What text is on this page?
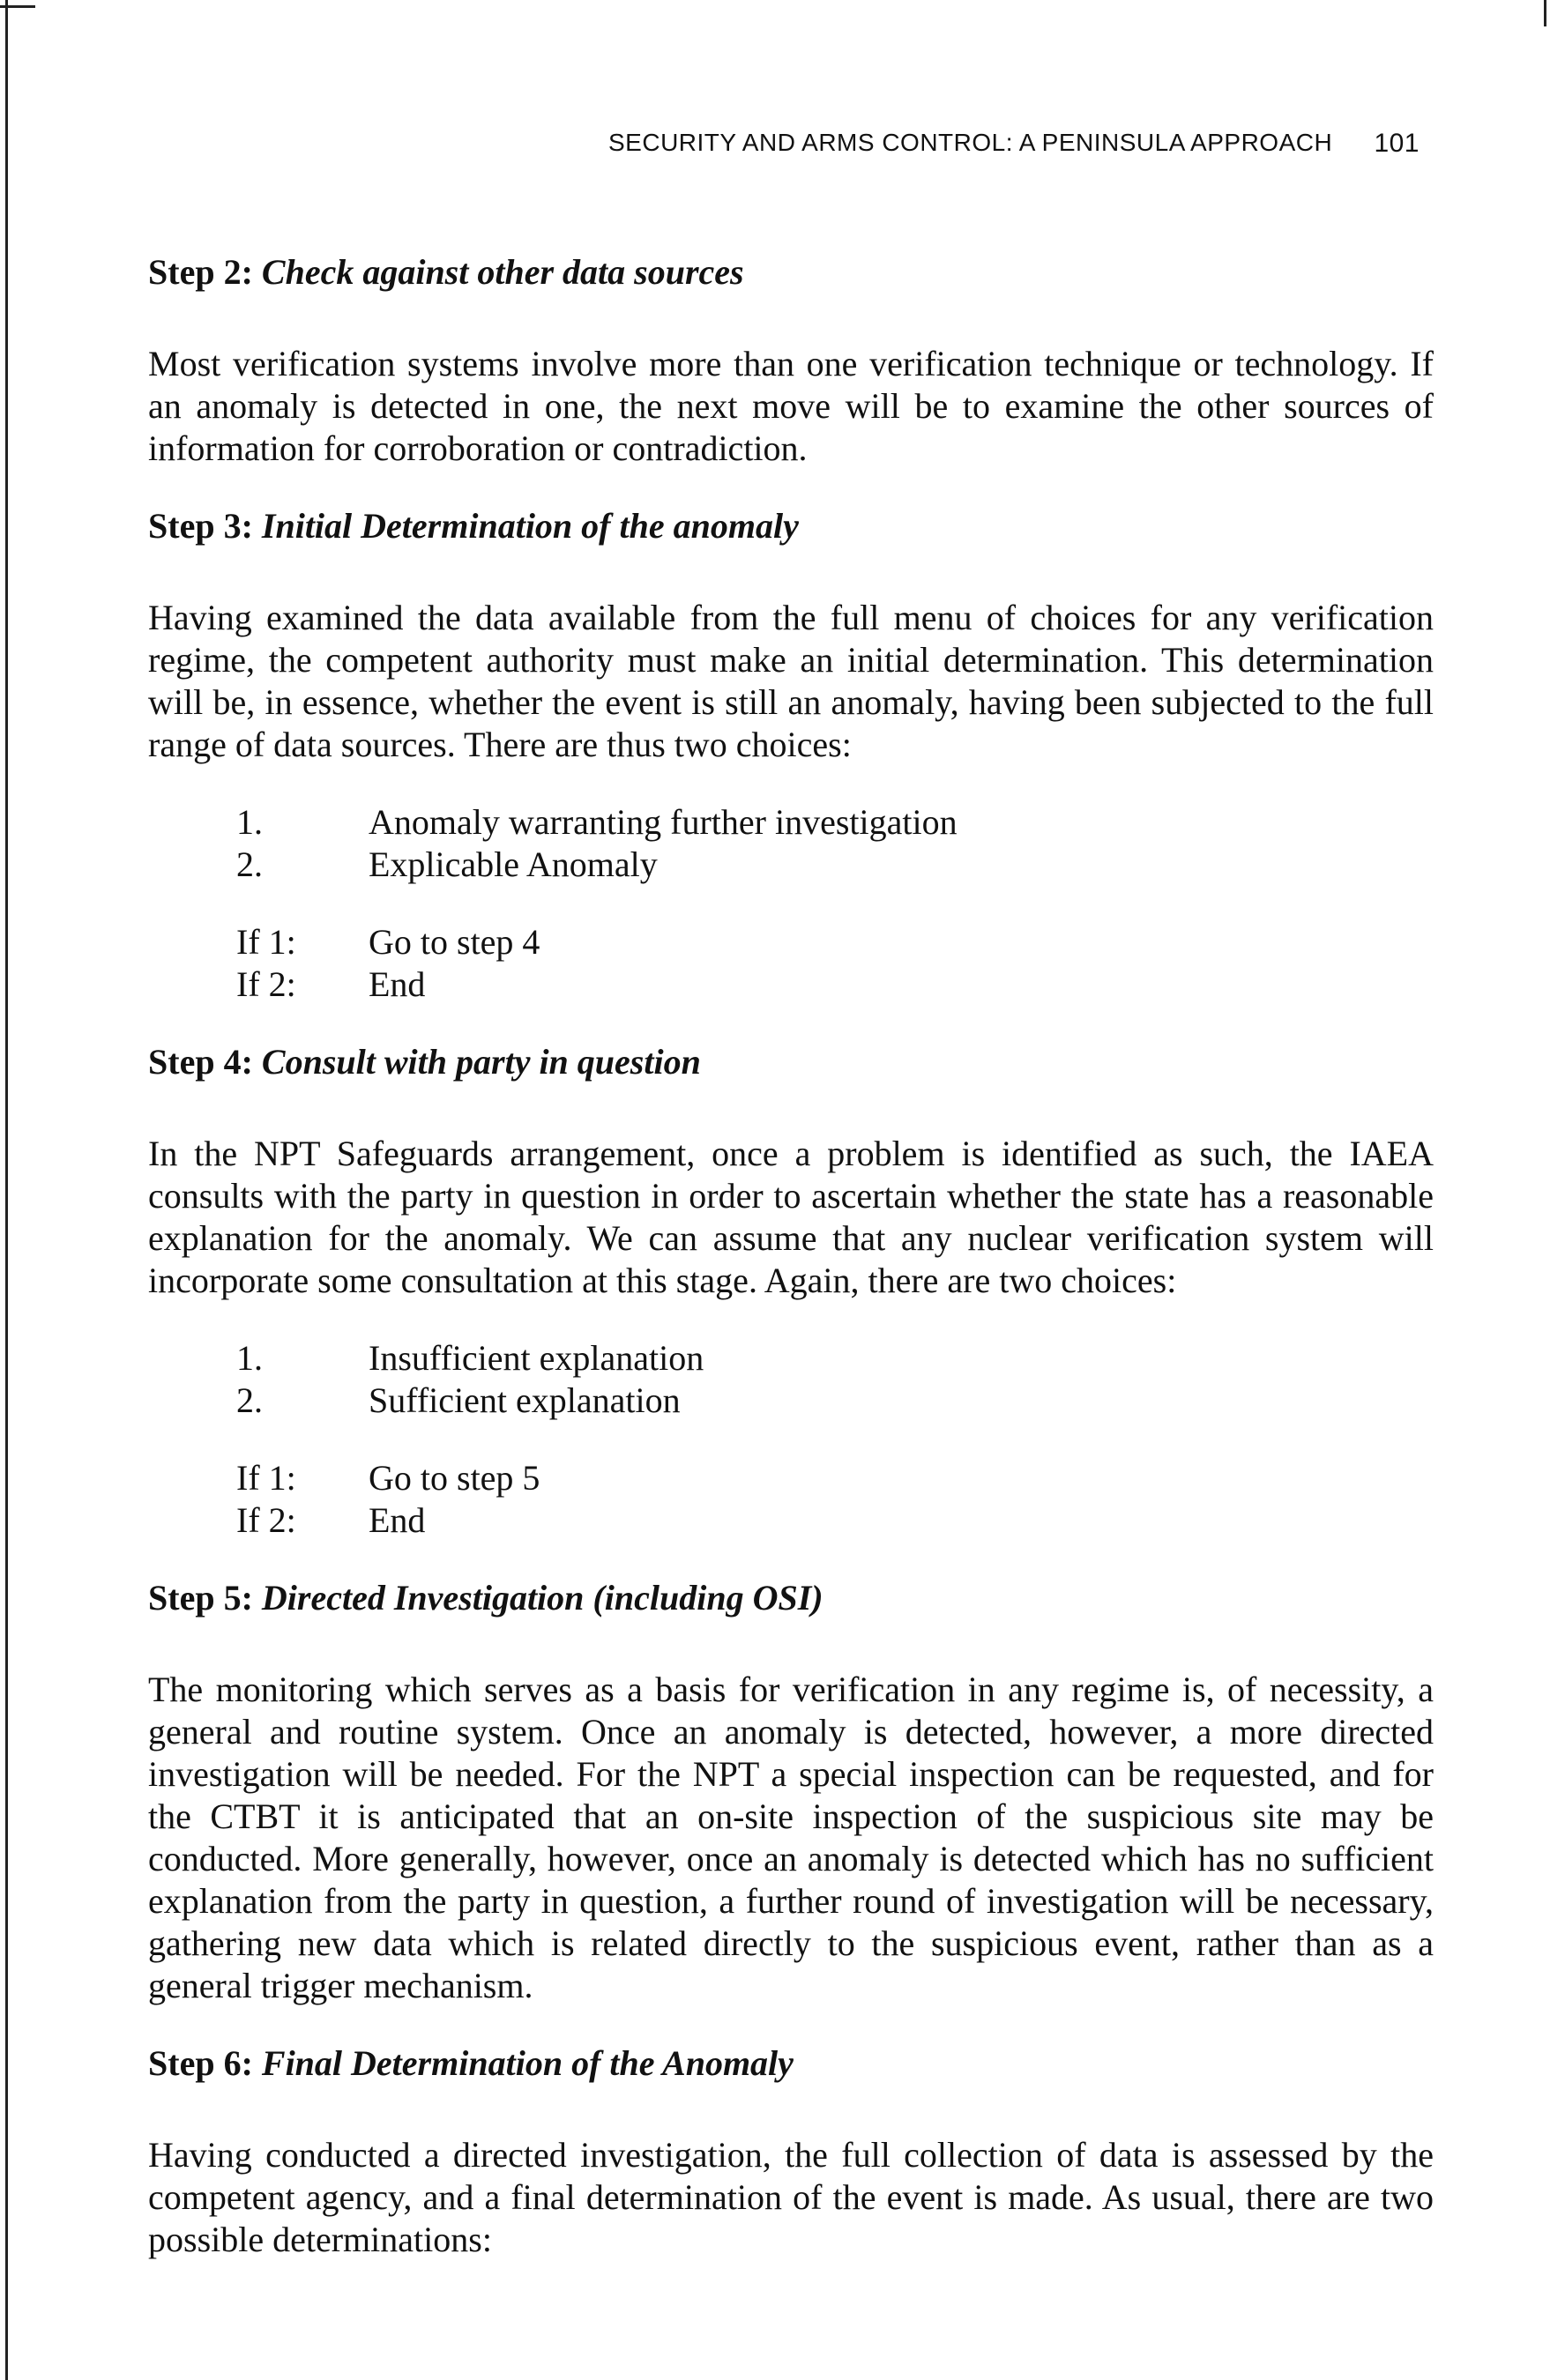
SECURITY AND ARMS CONTROL: A PENINSULA APPROACH 101
Step 2: Check against other data sources

Most verification systems involve more than one verification technique or technology. If an anomaly is detected in one, the next move will be to examine the other sources of information for corroboration or contradiction.

Step 3: Initial Determination of the anomaly

Having examined the data available from the full menu of choices for any verification regime, the competent authority must make an initial determination. This determination will be, in essence, whether the event is still an anomaly, having been subjected to the full range of data sources. There are thus two choices:

1.	Anomaly warranting further investigation
2.	Explicable Anomaly
If 1:	Go to step 4
If 2:	End
Step 4: Consult with party in question

In the NPT Safeguards arrangement, once a problem is identified as such, the IAEA consults with the party in question in order to ascertain whether the state has a reasonable explanation for the anomaly. We can assume that any nuclear verification system will incorporate some consultation at this stage. Again, there are two choices:

1.	Insufficient explanation
2.	Sufficient explanation
If 1:	Go to step 5
If 2:	End
Step 5: Directed Investigation (including OSI)

The monitoring which serves as a basis for verification in any regime is, of necessity, a general and routine system. Once an anomaly is detected, however, a more directed investigation will be needed. For the NPT a special inspection can be requested, and for the CTBT it is anticipated that an on-site inspection of the suspicious site may be conducted. More generally, however, once an anomaly is detected which has no sufficient explanation from the party in question, a further round of investigation will be necessary, gathering new data which is related directly to the suspicious event, rather than as a general trigger mechanism.

Step 6: Final Determination of the Anomaly

Having conducted a directed investigation, the full collection of data is assessed by the competent agency, and a final determination of the event is made. As usual, there are two possible determinations:
